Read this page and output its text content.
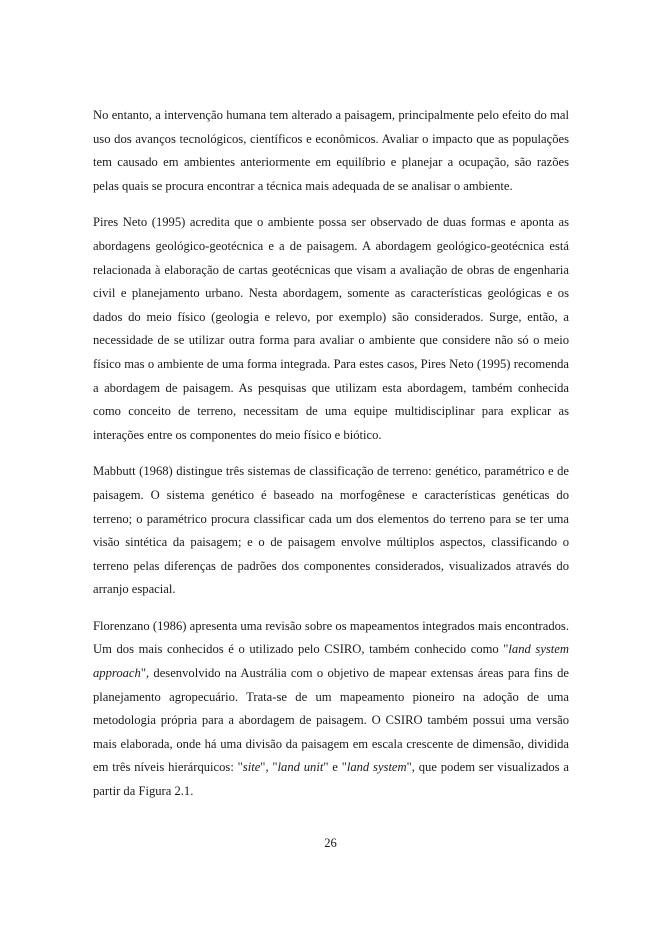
No entanto, a intervenção humana tem alterado a paisagem, principalmente pelo efeito do mal uso dos avanços tecnológicos, científicos e econômicos. Avaliar o impacto que as populações tem causado em ambientes anteriormente em equilíbrio e planejar a ocupação, são razões pelas quais se procura encontrar a técnica mais adequada de se analisar o ambiente.

Pires Neto (1995) acredita que o ambiente possa ser observado de duas formas e aponta as abordagens geológico-geotécnica e a de paisagem. A abordagem geológico-geotécnica está relacionada à elaboração de cartas geotécnicas que visam a avaliação de obras de engenharia civil e planejamento urbano. Nesta abordagem, somente as características geológicas e os dados do meio físico (geologia e relevo, por exemplo) são considerados. Surge, então, a necessidade de se utilizar outra forma para avaliar o ambiente que considere não só o meio físico mas o ambiente de uma forma integrada. Para estes casos, Pires Neto (1995) recomenda a abordagem de paisagem. As pesquisas que utilizam esta abordagem, também conhecida como conceito de terreno, necessitam de uma equipe multidisciplinar para explicar as interações entre os componentes do meio físico e biótico.

Mabbutt (1968) distingue três sistemas de classificação de terreno: genético, paramétrico e de paisagem. O sistema genético é baseado na morfogênese e características genéticas do terreno; o paramétrico procura classificar cada um dos elementos do terreno para se ter uma visão sintética da paisagem; e o de paisagem envolve múltiplos aspectos, classificando o terreno pelas diferenças de padrões dos componentes considerados, visualizados através do arranjo espacial.

Florenzano (1986) apresenta uma revisão sobre os mapeamentos integrados mais encontrados. Um dos mais conhecidos é o utilizado pelo CSIRO, também conhecido como "land system approach", desenvolvido na Austrália com o objetivo de mapear extensas áreas para fins de planejamento agropecuário. Trata-se de um mapeamento pioneiro na adoção de uma metodologia própria para a abordagem de paisagem. O CSIRO também possui uma versão mais elaborada, onde há uma divisão da paisagem em escala crescente de dimensão, dividida em três níveis hierárquicos: "site", "land unit" e "land system", que podem ser visualizados a partir da Figura 2.1.

26
